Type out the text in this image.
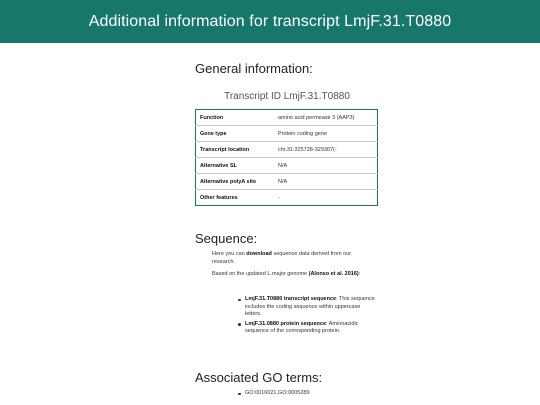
Additional information for transcript LmjF.31.T0880
General information:
Transcript ID LmjF.31.T0880
Function	amino acid permease 3 (AAP3)
Gene type	Protein coding gene
Transcript location	chr.31:325728-329307(-
Alternative SL	N/A
Alternative polyA site	N/A
Other features	-
Sequence:
Here you can download sequence data derived from our research.
Based on the updated L.major genome (Alonso et al. 2016):
LmjF.31.T0880 transcript sequence: This sequence includes the coding sequence within uppercase letters.
LmjF.31.0880 protein sequence: Aminoacidic sequence of the corresponding protein.
Associated GO terms:
GO:0016021,GO:0005289
